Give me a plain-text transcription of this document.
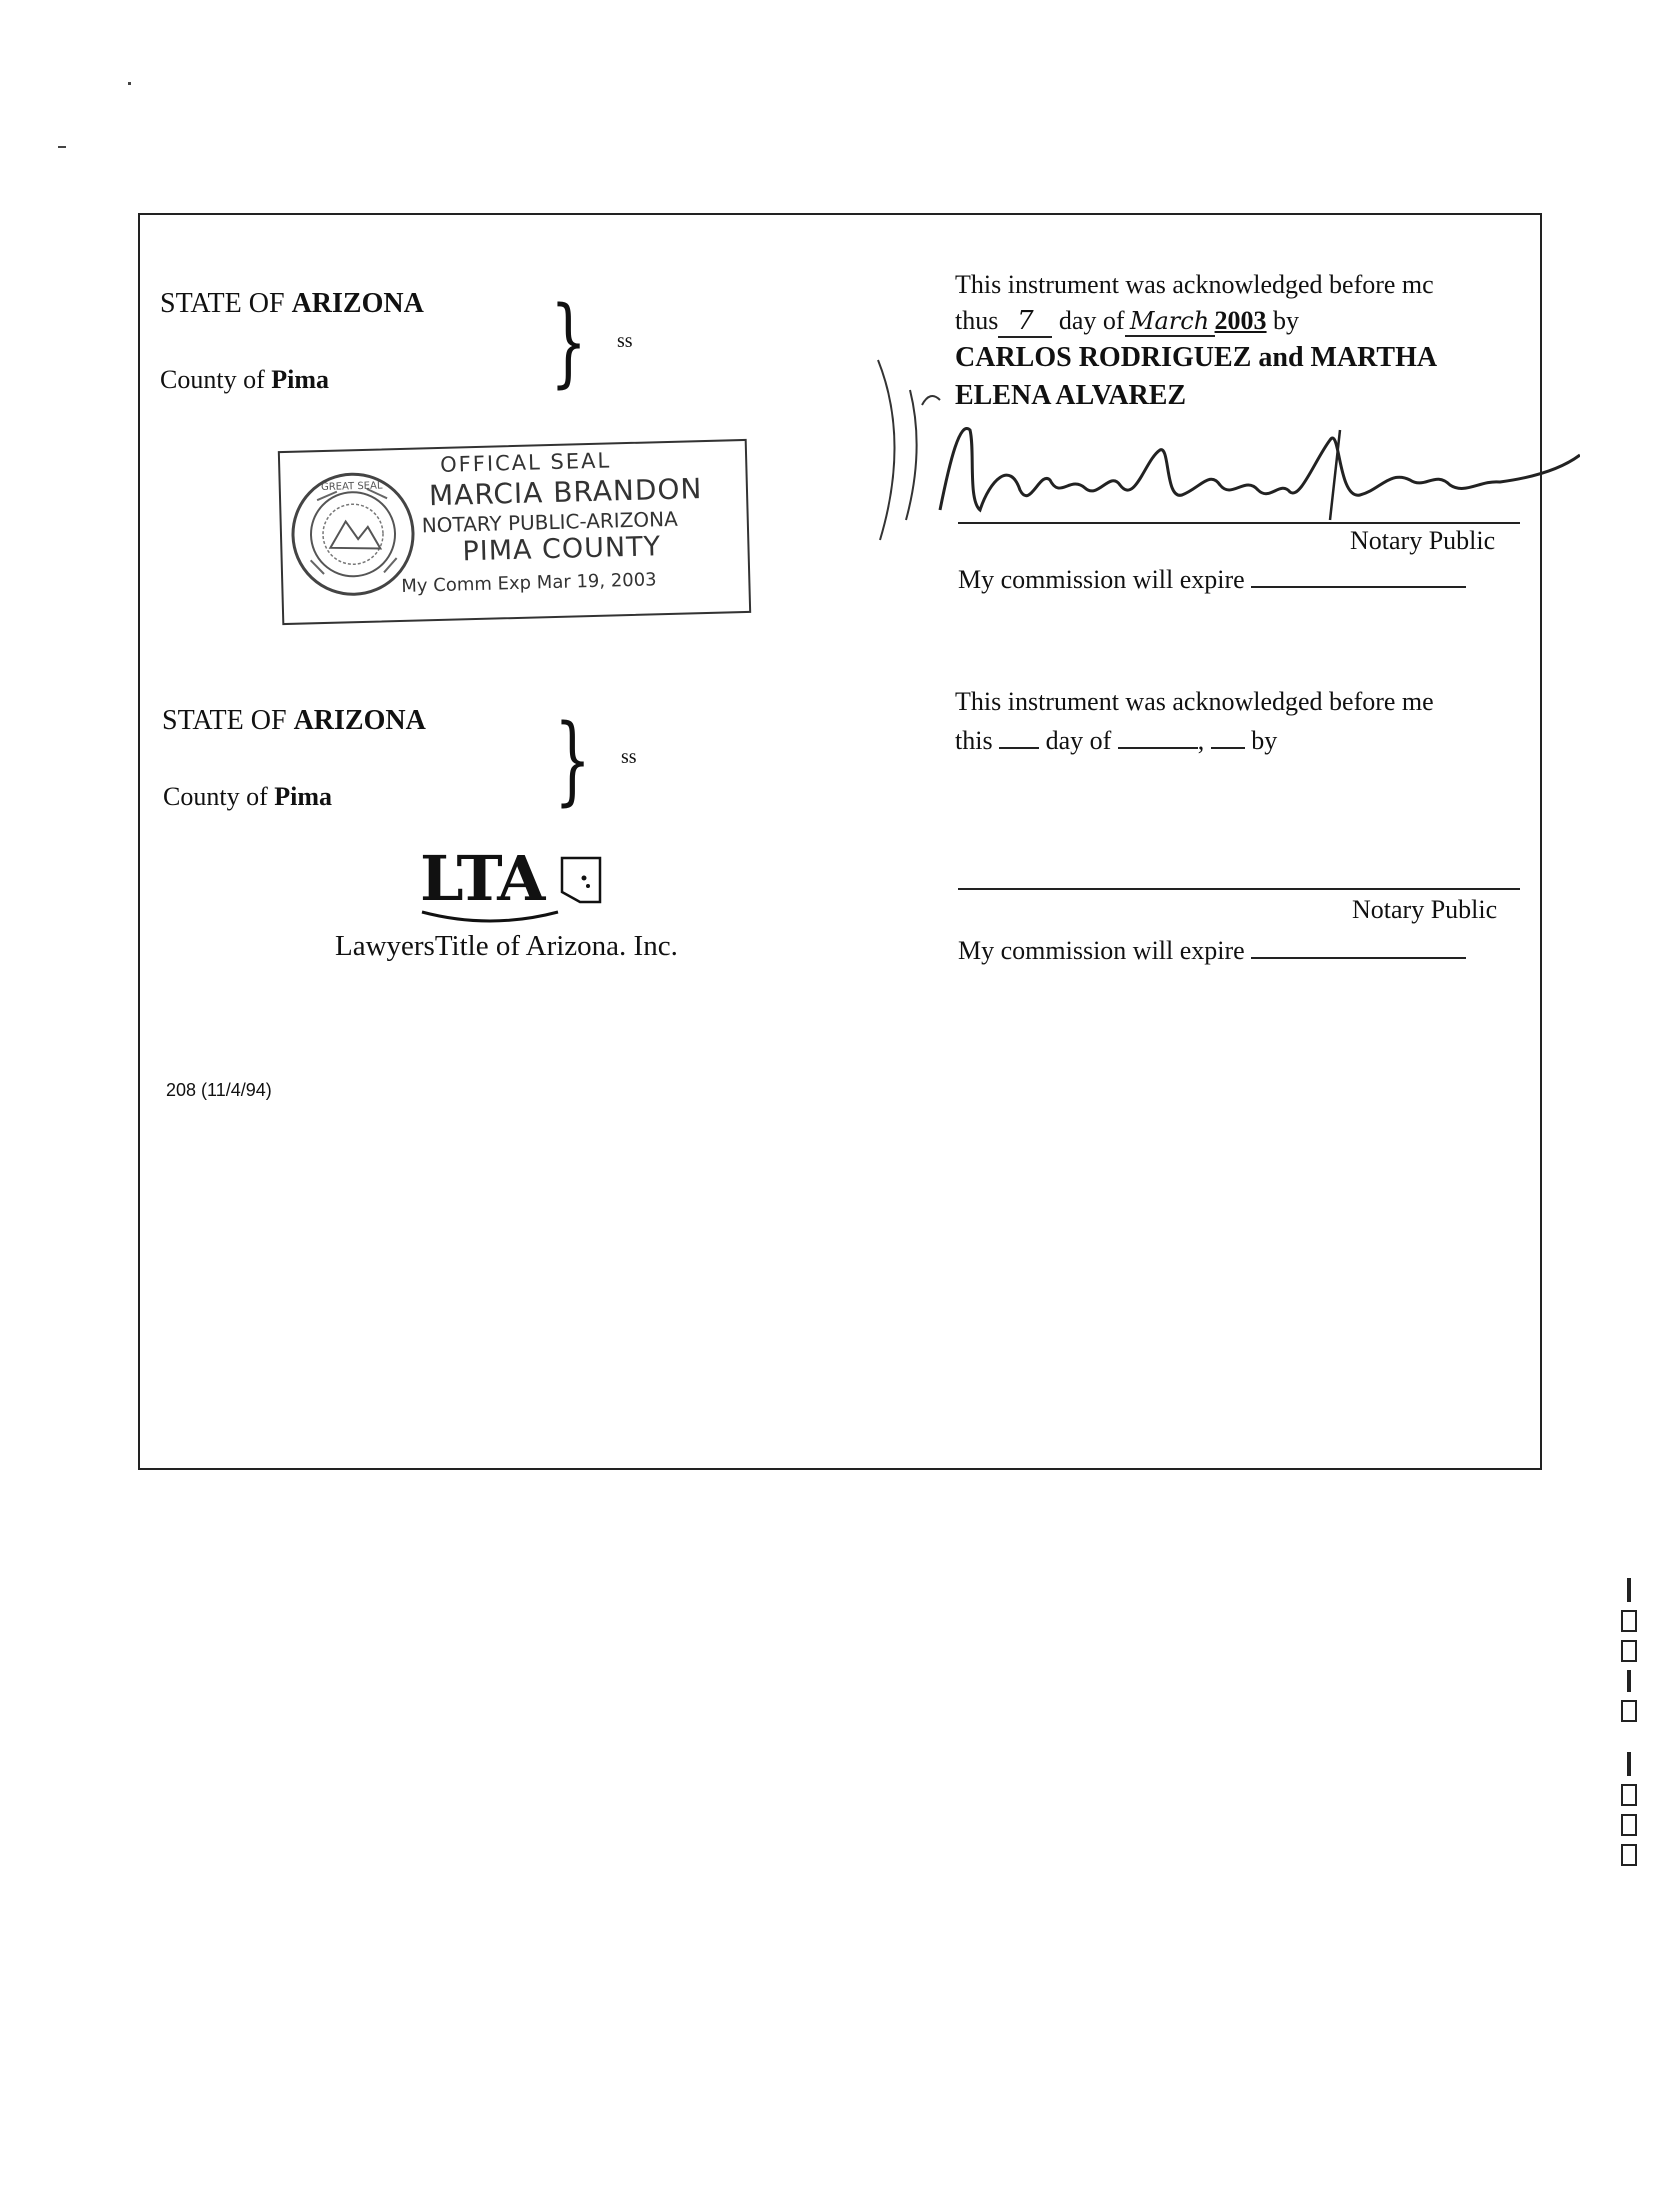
STATE OF ARIZONA } ss
County of Pima
GREAT SEAL
OFFICAL SEAL
MARCIA BRANDON
NOTARY PUBLIC-ARIZONA
PIMA COUNTY
My Comm Exp Mar 19, 2003
This instrument was acknowledged before mc
thus 7 day of March 2003 by
CARLOS RODRIGUEZ and MARTHA
ELENA ALVAREZ
Notary Public
My commission will expire
STATE OF ARIZONA } ss
County of Pima
LTA
LawyersTitle of Arizona. Inc.
This instrument was acknowledged before me
this day of	, by
Notary Public
My commission will expire
208 (11/4/94)
